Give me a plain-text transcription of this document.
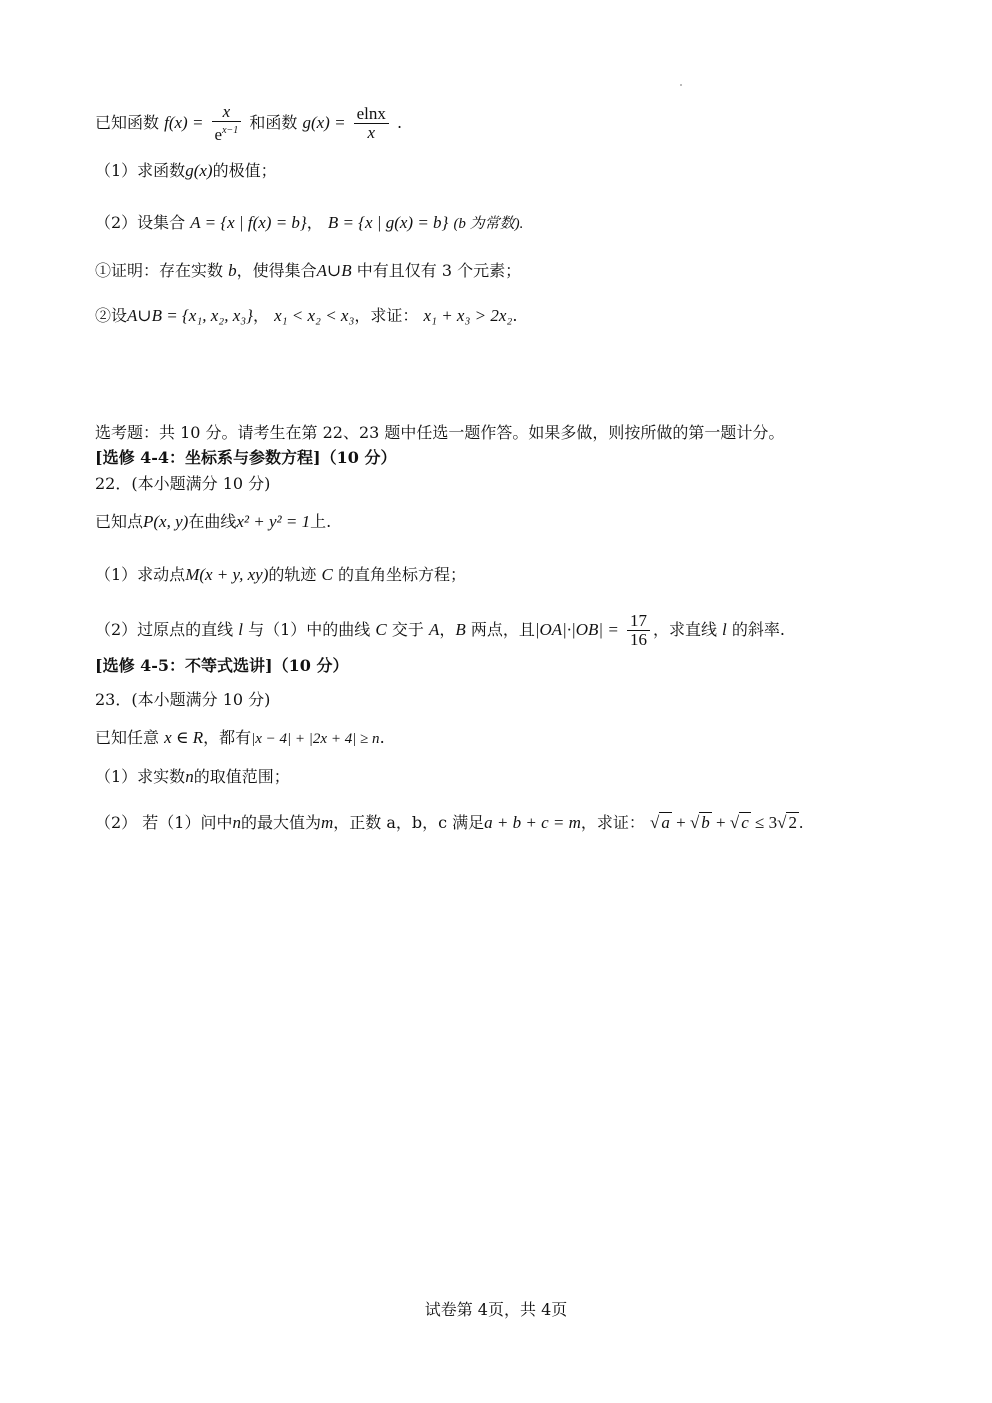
已知函数 $f(x) = \frac{x}{e^{x-1}}$ 和函数 $g(x) = \frac{elnx}{x}$ .
（1）求函数g(x)的极值；
（2）设集合 A = {x | f(x) = b}， B = {x | g(x) = b} (b 为常数).
①证明：存在实数 b，使得集合A∪B 中有且仅有 3 个元素；
②设A∪B = {x₁, x₂, x₃}， x₁ < x₂ < x₃，求证： x₁ + x₃ > 2x₂.
选考题：共 10 分。请考生在第 22、23 题中任选一题作答。如果多做，则按所做的第一题计分。
[选修 4-4：坐标系与参数方程]（10 分）
22．(本小题满分 10 分)
已知点P(x, y)在曲线x² + y² = 1上.
（1）求动点M(x + y, xy)的轨迹 C 的直角坐标方程；
（2）过原点的直线 l 与（1）中的曲线 C 交于 A，B 两点，且$|OA|\cdot|OB| = \frac{17}{16}$ ，求直线 l 的斜率.
[选修 4-5：不等式选讲]（10 分）
23．(本小题满分 10 分)
已知任意 x ∈ R，都有|x − 4| + |2x + 4| ≥ n.
（1）求实数n的取值范围；
（2） 若（1）问中n的最大值为m，正数 a，b，c 满足a + b + c = m，求证： √ a + √ b + √ c ≤ 3√ 2 .
试卷第 4页，共 4页
